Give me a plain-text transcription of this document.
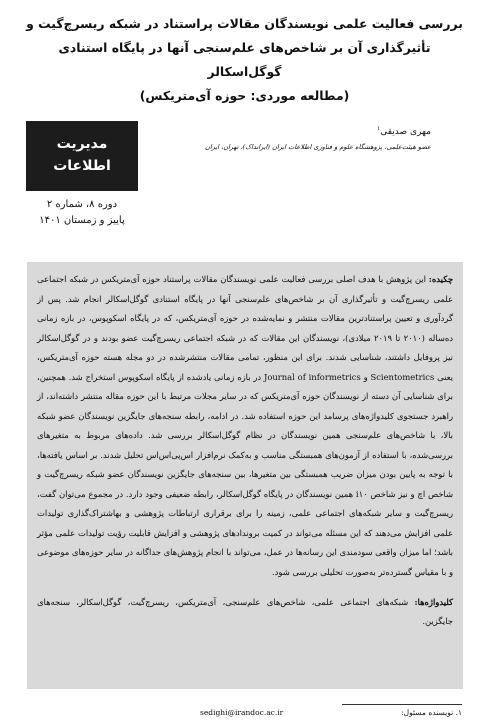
بررسی فعالیت علمی نویسندگان مقالات پراستناد در شبکه ریسرچ‌گیت و
تأثیرگذاری آن بر شاخص‌های علم‌سنجی آنها در پایگاه استنادی گوگل‌اسکالر
(مطالعه موردی: حوزه آی‌متریکس)
مدیریت
اطلاعات
دوره ۸، شماره ۲
پاییز و زمستان ۱۴۰۱
مهری صدیقی$^۱$
عضو هیئت‌علمی، پژوهشگاه علوم و فناوری اطلاعات ایران (ایرانداک)، تهران، ایران
چکیده: این پژوهش با هدف اصلی بررسی فعالیت علمی نویسندگان مقالات پراستناد حوزه آی‌متریکس در شبکه اجتماعی علمی ریسرچ‌گیت و تأثیرگذاری آن بر شاخص‌های علم‌سنجی آنها در پایگاه استنادی گوگل‌اسکالر انجام شد. پس از گردآوری و تعیین پراستنادترین مقالات منتشر و نمایه‌شده در حوزه آی‌متریکس، که در پایگاه اسکوپوس، در بازه زمانی ده‌ساله (۲۰۱۰ تا ۲۰۱۹ میلادی)، نویسندگان این مقالات که در شبکه اجتماعی ریسرچ‌گیت عضو بودند و در گوگل‌اسکالر نیز پروفایل داشتند، شناسایی شدند. برای این منظور، تمامی مقالات منتشرشده در دو مجله هسته حوزه آی‌متریکس، یعنی Scientometrics و Journal of informetrics در بازه زمانی یادشده از پایگاه اسکوپوس استخراج شد. همچنین، برای شناسایی آن دسته از نویسندگان حوزه آی‌متریکس که در سایر مجلات مرتبط با این حوزه مقاله منتشر داشته‌اند، از راهبرد جستجوی کلیدواژه‌های پرسامد این حوزه استفاده شد. در ادامه، رابطه سنجه‌های جایگزین نویسندگان عضو شبکه بالا، با شاخص‌های علم‌سنجی همین نویسندگان در نظام گوگل‌اسکالر بررسی شد. داده‌های مربوط به متغیرهای بررسی‌شده، با استفاده از آزمون‌های همبستگی مناسب و به‌کمک نرم‌افزار اس‌پی‌اس‌اس تحلیل شدند. بر اساس یافته‌ها، با توجه به پایین بودن میزان ضریب همبستگی بین متغیرها، بین سنجه‌های جایگزین نویسندگان عضو شبکه ریسرچ‌گیت و شاخص اچ و نیز شاخص i۱۰ همین نویسندگان در پایگاه گوگل‌اسکالر، رابطه ضعیفی وجود دارد. در مجموع می‌توان گفت، ریسرچ‌گیت و سایر شبکه‌های اجتماعی علمی، زمینه را برای برقراری ارتباطات پژوهشی و بهاشتراک‌گذاری تولیدات علمی افزایش می‌دهند که این مسئله می‌تواند در کمیت بروندادهای پژوهشی و افزایش قابلیت رؤیت تولیدات علمی مؤثر باشد؛ اما میزان واقعی سودمندی این رسانه‌ها در عمل، می‌تواند با انجام پژوهش‌های جداگانه در سایر حوزه‌های موضوعی و با مقیاس گسترده‌تر به‌صورت تحلیلی بررسی شود.
کلیدواژه‌ها: شبکه‌های اجتماعی علمی، شاخص‌های علم‌سنجی، آی‌متریکس، ریسرچ‌گیت، گوگل‌اسکالر، سنجه‌های جایگزین.
sedighi@irandoc.ac.ir	۱. نویسنده مسئول:
